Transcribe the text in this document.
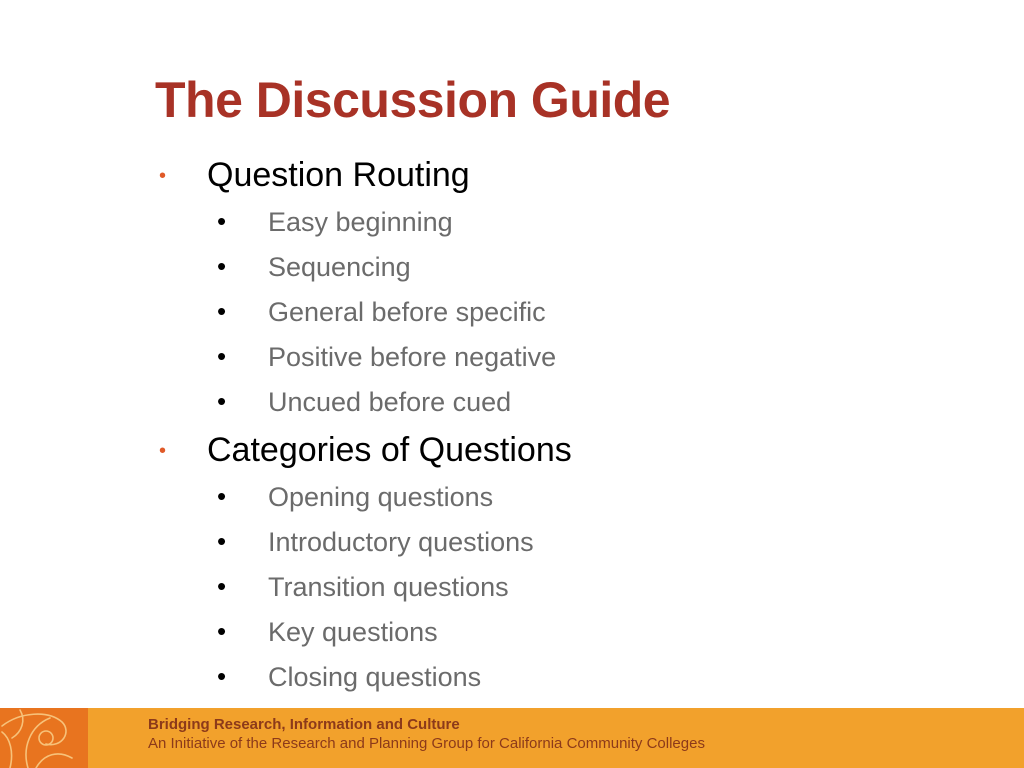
The Discussion Guide
• Question Routing
• Easy beginning
• Sequencing
• General before specific
• Positive before negative
• Uncued before cued
• Categories of Questions
• Opening questions
• Introductory questions
• Transition questions
• Key questions
• Closing questions
Bridging Research, Information and Culture
An Initiative of the Research and Planning Group for California Community Colleges
